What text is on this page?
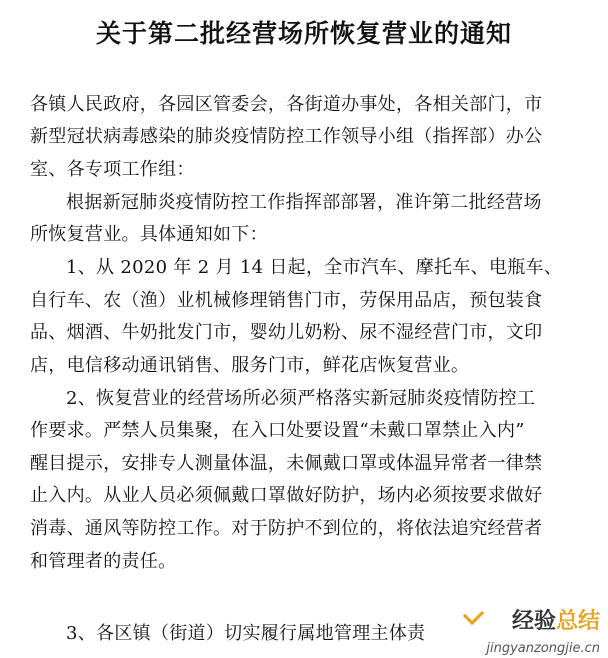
关于第二批经营场所恢复营业的通知
各镇人民政府，各园区管委会，各街道办事处，各相关部门，市
新型冠状病毒感染的肺炎疫情防控工作领导小组（指挥部）办公
室、各专项工作组：
根据新冠肺炎疫情防控工作指挥部部署，准许第二批经营场
所恢复营业。具体通知如下：
1、从 2020 年 2 月 14 日起，全市汽车、摩托车、电瓶车、
自行车、农（渔）业机械修理销售门市，劳保用品店，预包装食
品、烟酒、牛奶批发门市，婴幼儿奶粉、尿不湿经营门市，文印
店，电信移动通讯销售、服务门市，鲜花店恢复营业。
2、恢复营业的经营场所必须严格落实新冠肺炎疫情防控工
作要求。严禁人员集聚，在入口处要设置“未戴口罩禁止入内”
醒目提示，安排专人测量体温，未佩戴口罩或体温异常者一律禁
止入内。从业人员必须佩戴口罩做好防护，场内必须按要求做好
消毒、通风等防控工作。对于防护不到位的，将依法追究经营者
和管理者的责任。
3、各区镇（街道）切实履行属地管理主体责	经验总结
jingyanzongjie.cn
